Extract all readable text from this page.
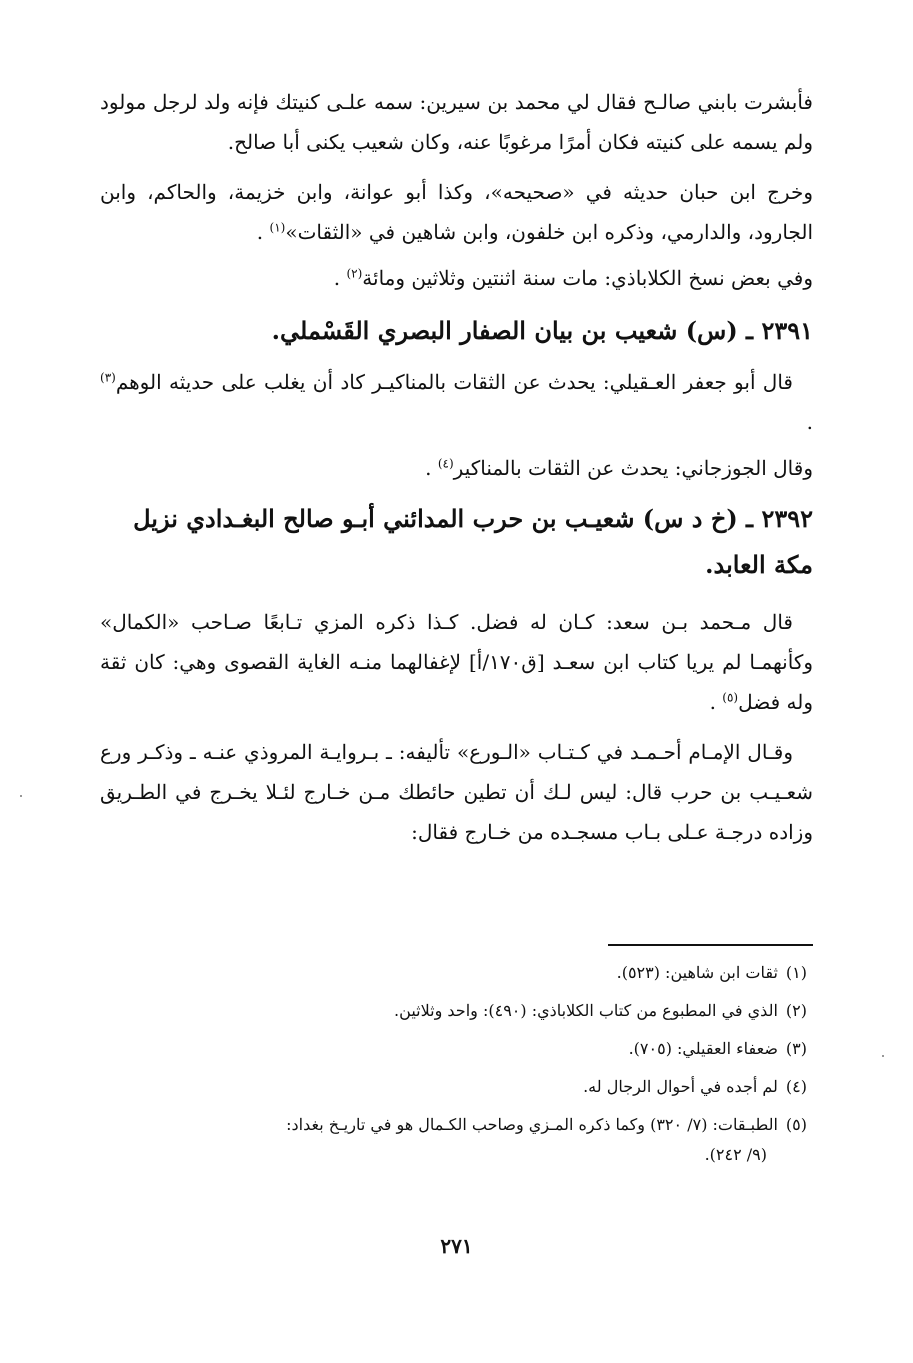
فأبشرت بابني صالـح فقال لي محمد بن سيرين: سمه علـى كنيتك فإنه ولد لرجل مولود ولم يسمه على كنيته فكان أمرًا مرغوبًا عنه، وكان شعيب يكنى أبا صالح.

وخرج ابن حبان حديثه في «صحيحه»، وكذا أبو عوانة، وابن خزيمة، والحاكم، وابن الجارود، والدارمي، وذكره ابن خلفون، وابن شاهين في «الثقات»$^{(١)}$ .

وفي بعض نسخ الكلاباذي: مات سنة اثنتين وثلاثين ومائة$^{(٢)}$ .

٢٣٩١ ـ (س) شعيب بن بيان الصفار البصري القَسْملي.

قال أبو جعفر العـقيلي: يحدث عن الثقات بالمناكيـر كاد أن يغلب على حديثه الوهم$^{(٣)}$ .

وقال الجوزجاني: يحدث عن الثقات بالمناكير$^{(٤)}$ .

٢٣٩٢ ـ (خ د س) شعيـب بن حرب المدائني أبـو صالح البغـدادي نزيل مكة العابد.

قال مـحمد بـن سعد: كـان له فضل. كـذا ذكره المزي تـابعًا صـاحب «الكمال» وكأنهمـا لم يريا كتاب ابن سعـد [ق١٧٠/أ] لإغفالهما منـه الغاية القصوى وهي: كان ثقة وله فضل$^{(٥)}$ .

وقـال الإمـام أحـمـد في كـتـاب «الـورع» تأليفه: ـ بـروايـة المروذي عنـه ـ وذكـر ورع شعـيـب بن حرب قال: ليس لـك أن تطين حائطك مـن خـارج لئـلا يخـرج في الطـريق وزاده درجـة عـلى بـاب مسجـده من خـارج فقال:

(١)ثقات ابن شاهين: (٥٢٣).

(٢)الذي في المطبوع من كتاب الكلاباذي: (٤٩٠): واحد وثلاثين.

(٣)ضعفاء العقيلي: (٧٠٥).

(٤)لم أجده في أحوال الرجال له.

(٥)الطبـقات: (٧/ ٣٢٠) وكما ذكره المـزي وصاحب الكـمال هو في تاريـخ بغداد:
(٩/ ٢٤٢).

٢٧١
